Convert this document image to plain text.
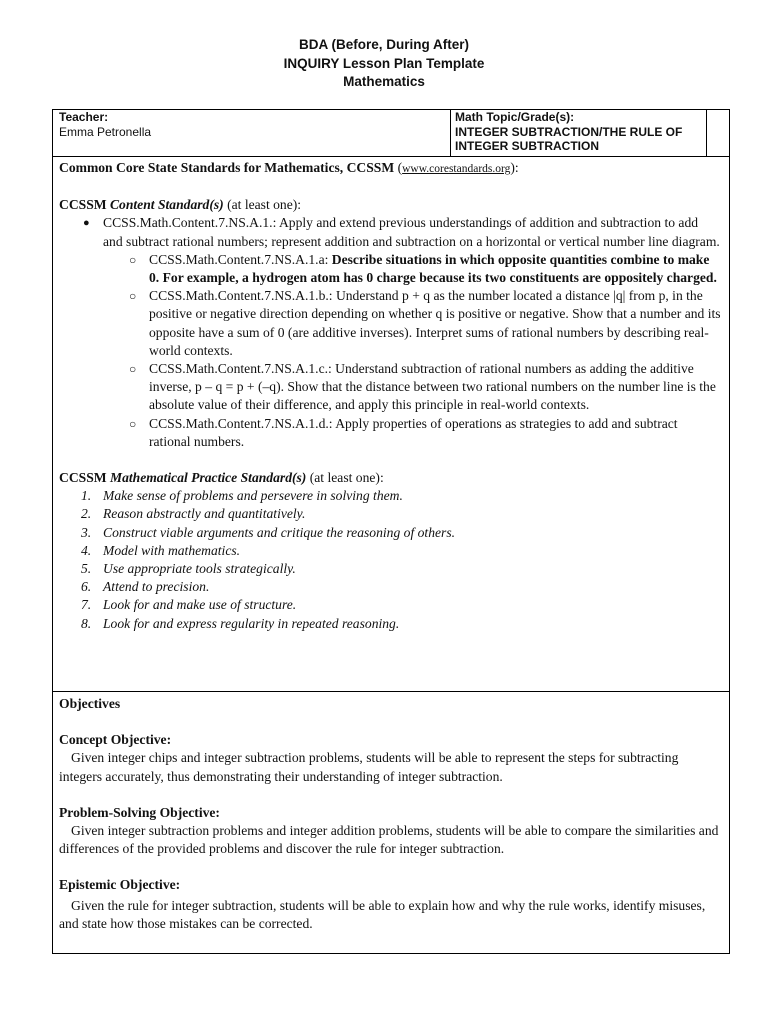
BDA (Before, During After)
INQUIRY Lesson Plan Template
Mathematics
Teacher:
Emma Petronella
Math Topic/Grade(s):
INTEGER SUBTRACTION/THE RULE OF
INTEGER SUBTRACTION

Common Core State Standards for Mathematics, CCSSM (www.corestandards.org):

CCSSM Content Standard(s) (at least one):

● CCSS.Math.Content.7.NS.A.1.: Apply and extend previous understandings of addition and subtraction to add and subtract rational numbers; represent addition and subtraction on a horizontal or vertical number line diagram.
○ CCSS.Math.Content.7.NS.A.1.a: Describe situations in which opposite quantities combine to make 0. For example, a hydrogen atom has 0 charge because its two constituents are oppositely charged.
○ CCSS.Math.Content.7.NS.A.1.b.: Understand p + q as the number located a distance |q| from p, in the positive or negative direction depending on whether q is positive or negative. Show that a number and its opposite have a sum of 0 (are additive inverses). Interpret sums of rational numbers by describing real-world contexts.
○ CCSS.Math.Content.7.NS.A.1.c.: Understand subtraction of rational numbers as adding the additive inverse, p – q = p + (–q). Show that the distance between two rational numbers on the number line is the absolute value of their difference, and apply this principle in real-world contexts.
○ CCSS.Math.Content.7.NS.A.1.d.: Apply properties of operations as strategies to add and subtract rational numbers.

CCSSM Mathematical Practice Standard(s) (at least one):

1. Make sense of problems and persevere in solving them.
2. Reason abstractly and quantitatively.
3. Construct viable arguments and critique the reasoning of others.
4. Model with mathematics.
5. Use appropriate tools strategically.
6. Attend to precision.
7. Look for and make use of structure.
8. Look for and express regularity in repeated reasoning.

Objectives

Concept Objective:

Given integer chips and integer subtraction problems, students will be able to represent the steps for subtracting integers accurately, thus demonstrating their understanding of integer subtraction.

Problem-Solving Objective:

Given integer subtraction problems and integer addition problems, students will be able to compare the similarities and differences of the provided problems and discover the rule for integer subtraction.

Epistemic Objective:

Given the rule for integer subtraction, students will be able to explain how and why the rule works, identify misuses, and state how those mistakes can be corrected.
